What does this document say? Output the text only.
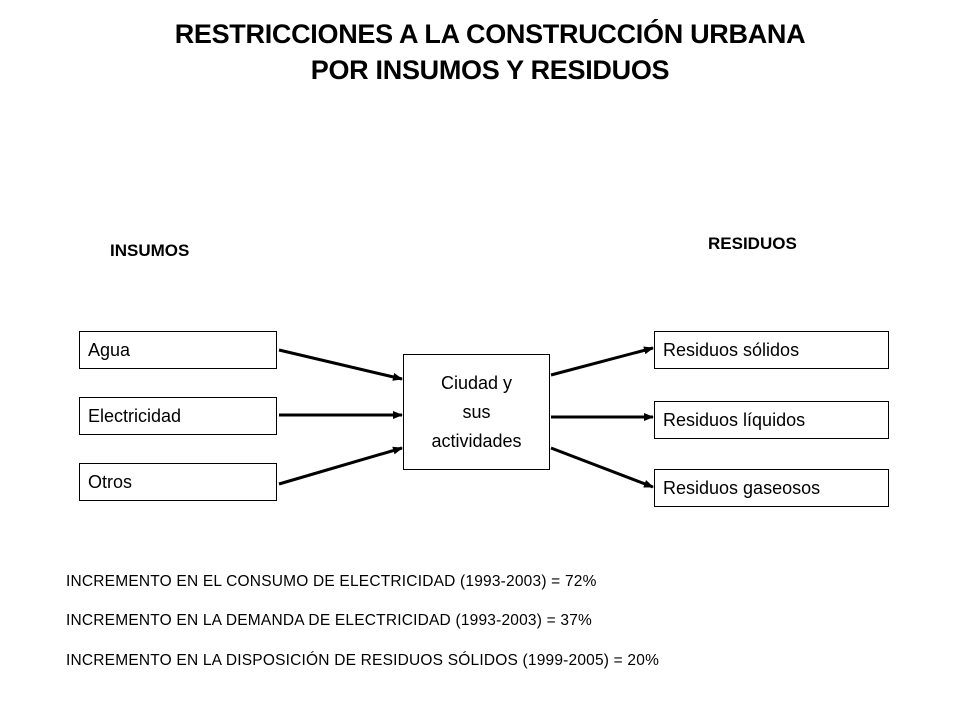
RESTRICCIONES A LA CONSTRUCCIÓN URBANA
POR INSUMOS Y RESIDUOS
INSUMOS	RESIDUOS
Agua
Electricidad
Otros
Ciudad y
sus
actividades
Residuos sólidos
Residuos líquidos
Residuos gaseosos
INCREMENTO EN EL CONSUMO DE ELECTRICIDAD (1993-2003) = 72%
INCREMENTO EN LA DEMANDA DE ELECTRICIDAD (1993-2003) = 37%
INCREMENTO EN LA DISPOSICIÓN DE RESIDUOS SÓLIDOS (1999-2005) = 20%
